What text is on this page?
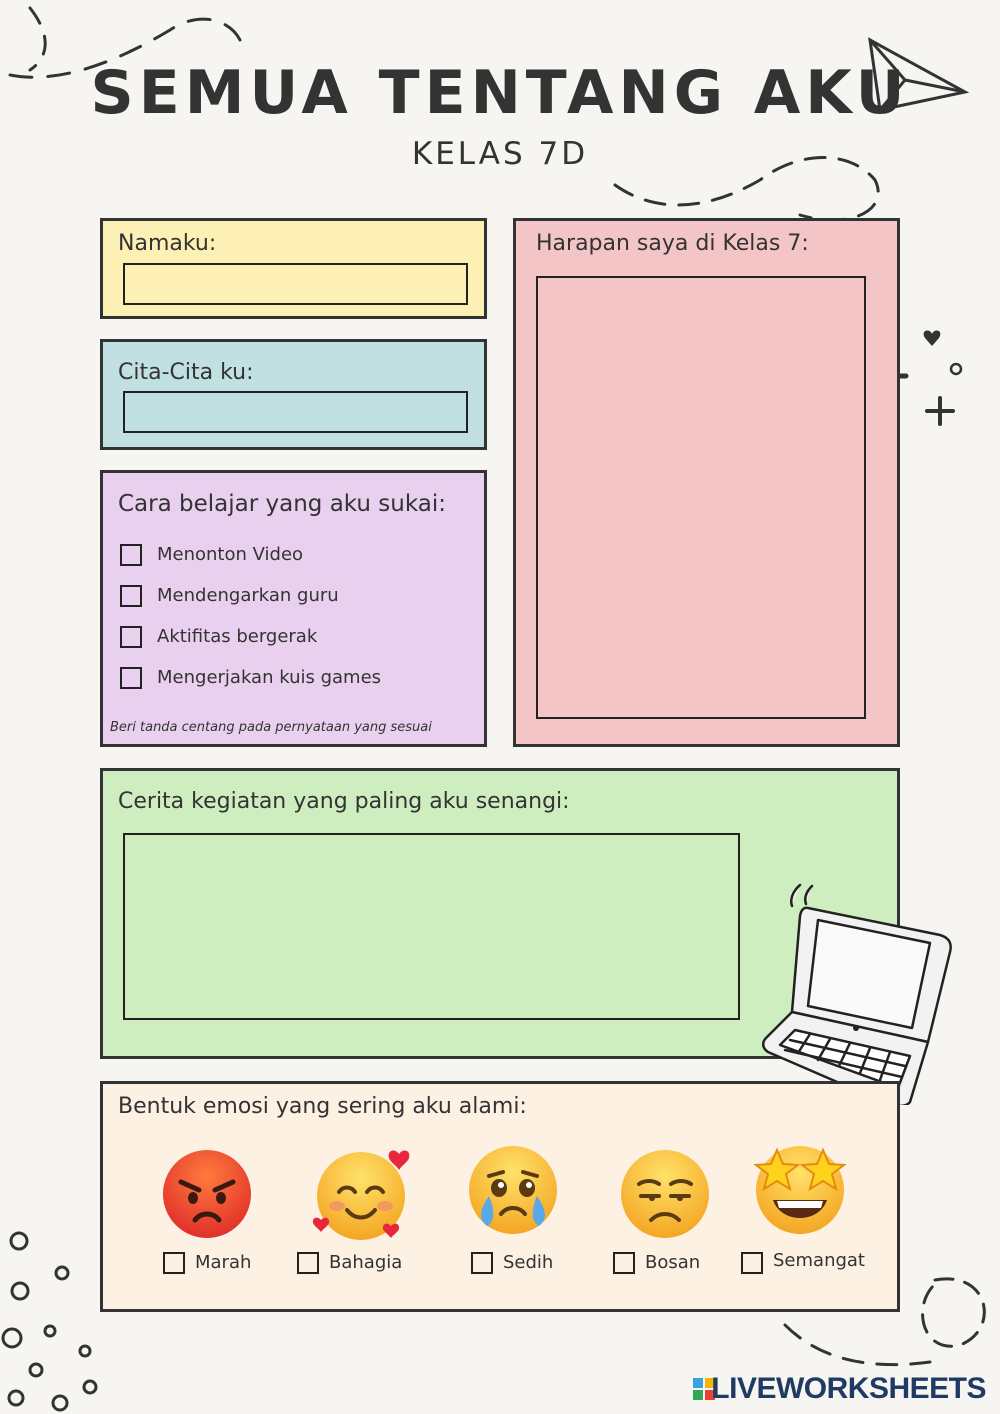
SEMUA TENTANG AKU
KELAS 7D
Namaku:
Cita-Cita ku:
Cara belajar yang aku sukai:
Menonton Video
Mendengarkan guru
Aktifitas bergerak
Mengerjakan kuis games
Beri tanda centang pada pernyataan yang sesuai
Harapan saya di Kelas 7:
Cerita kegiatan yang paling aku senangi:
Bentuk emosi yang sering aku alami:
Marah	Bahagia	Sedih	Bosan	Semangat
LIVEWORKSHEETS
